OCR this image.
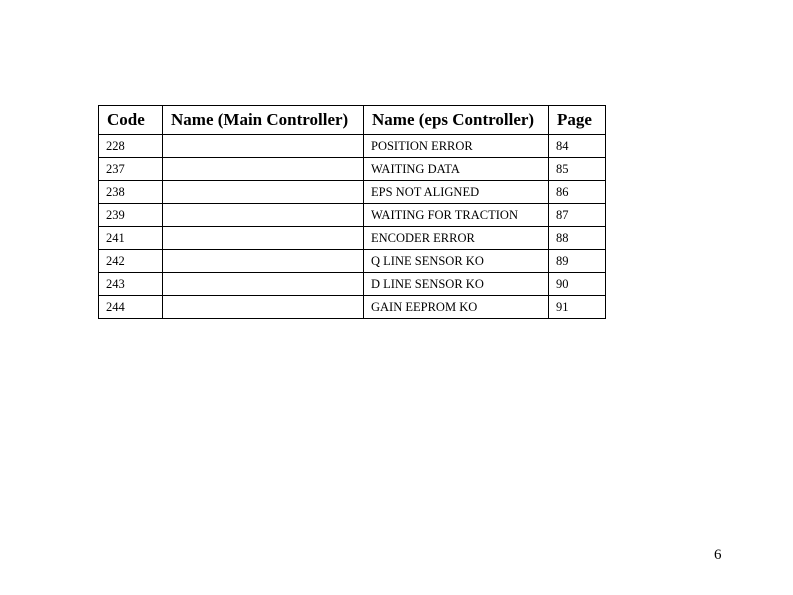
Code	Name (Main Controller)	Name (eps Controller)	Page
228		POSITION ERROR	84
237		WAITING DATA	85
238		EPS NOT ALIGNED	86
239		WAITING FOR TRACTION	87
241		ENCODER ERROR	88
242		Q LINE SENSOR KO	89
243		D LINE SENSOR KO	90
244		GAIN EEPROM KO	91
6
